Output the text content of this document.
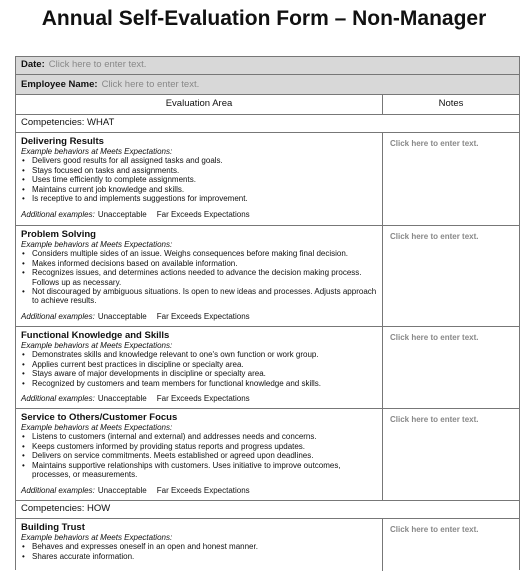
Annual Self-Evaluation Form – Non-Manager
Date: Click here to enter text.
Employee Name: Click here to enter text.
Evaluation Area	Notes
Competencies: WHAT
Delivering Results
Example behaviors at Meets Expectations:
• Delivers good results for all assigned tasks and goals.
• Stays focused on tasks and assignments.
• Uses time efficiently to complete assignments.
• Maintains current job knowledge and skills.
• Is receptive to and implements suggestions for improvement.
Additional examples: Unacceptable Far Exceeds Expectations
Click here to enter text.
Problem Solving
Example behaviors at Meets Expectations:
• Considers multiple sides of an issue. Weighs consequences before making final decision.
• Makes informed decisions based on available information.
• Recognizes issues, and determines actions needed to advance the decision making process. Follows up as necessary.
• Not discouraged by ambiguous situations. Is open to new ideas and processes. Adjusts approach to achieve results.
Additional examples: Unacceptable Far Exceeds Expectations
Click here to enter text.
Functional Knowledge and Skills
Example behaviors at Meets Expectations:
• Demonstrates skills and knowledge relevant to one's own function or work group.
• Applies current best practices in discipline or specialty area.
• Stays aware of major developments in discipline or specialty area.
• Recognized by customers and team members for functional knowledge and skills.
Additional examples: Unacceptable Far Exceeds Expectations
Click here to enter text.
Service to Others/Customer Focus
Example behaviors at Meets Expectations:
• Listens to customers (internal and external) and addresses needs and concerns.
• Keeps customers informed by providing status reports and progress updates.
• Delivers on service commitments. Meets established or agreed upon deadlines.
• Maintains supportive relationships with customers. Uses initiative to improve outcomes, processes, or measurements.
Additional examples: Unacceptable Far Exceeds Expectations
Click here to enter text.
Competencies: HOW
Building Trust
Example behaviors at Meets Expectations:
• Behaves and expresses oneself in an open and honest manner.
• Shares accurate information.
Click here to enter text.
